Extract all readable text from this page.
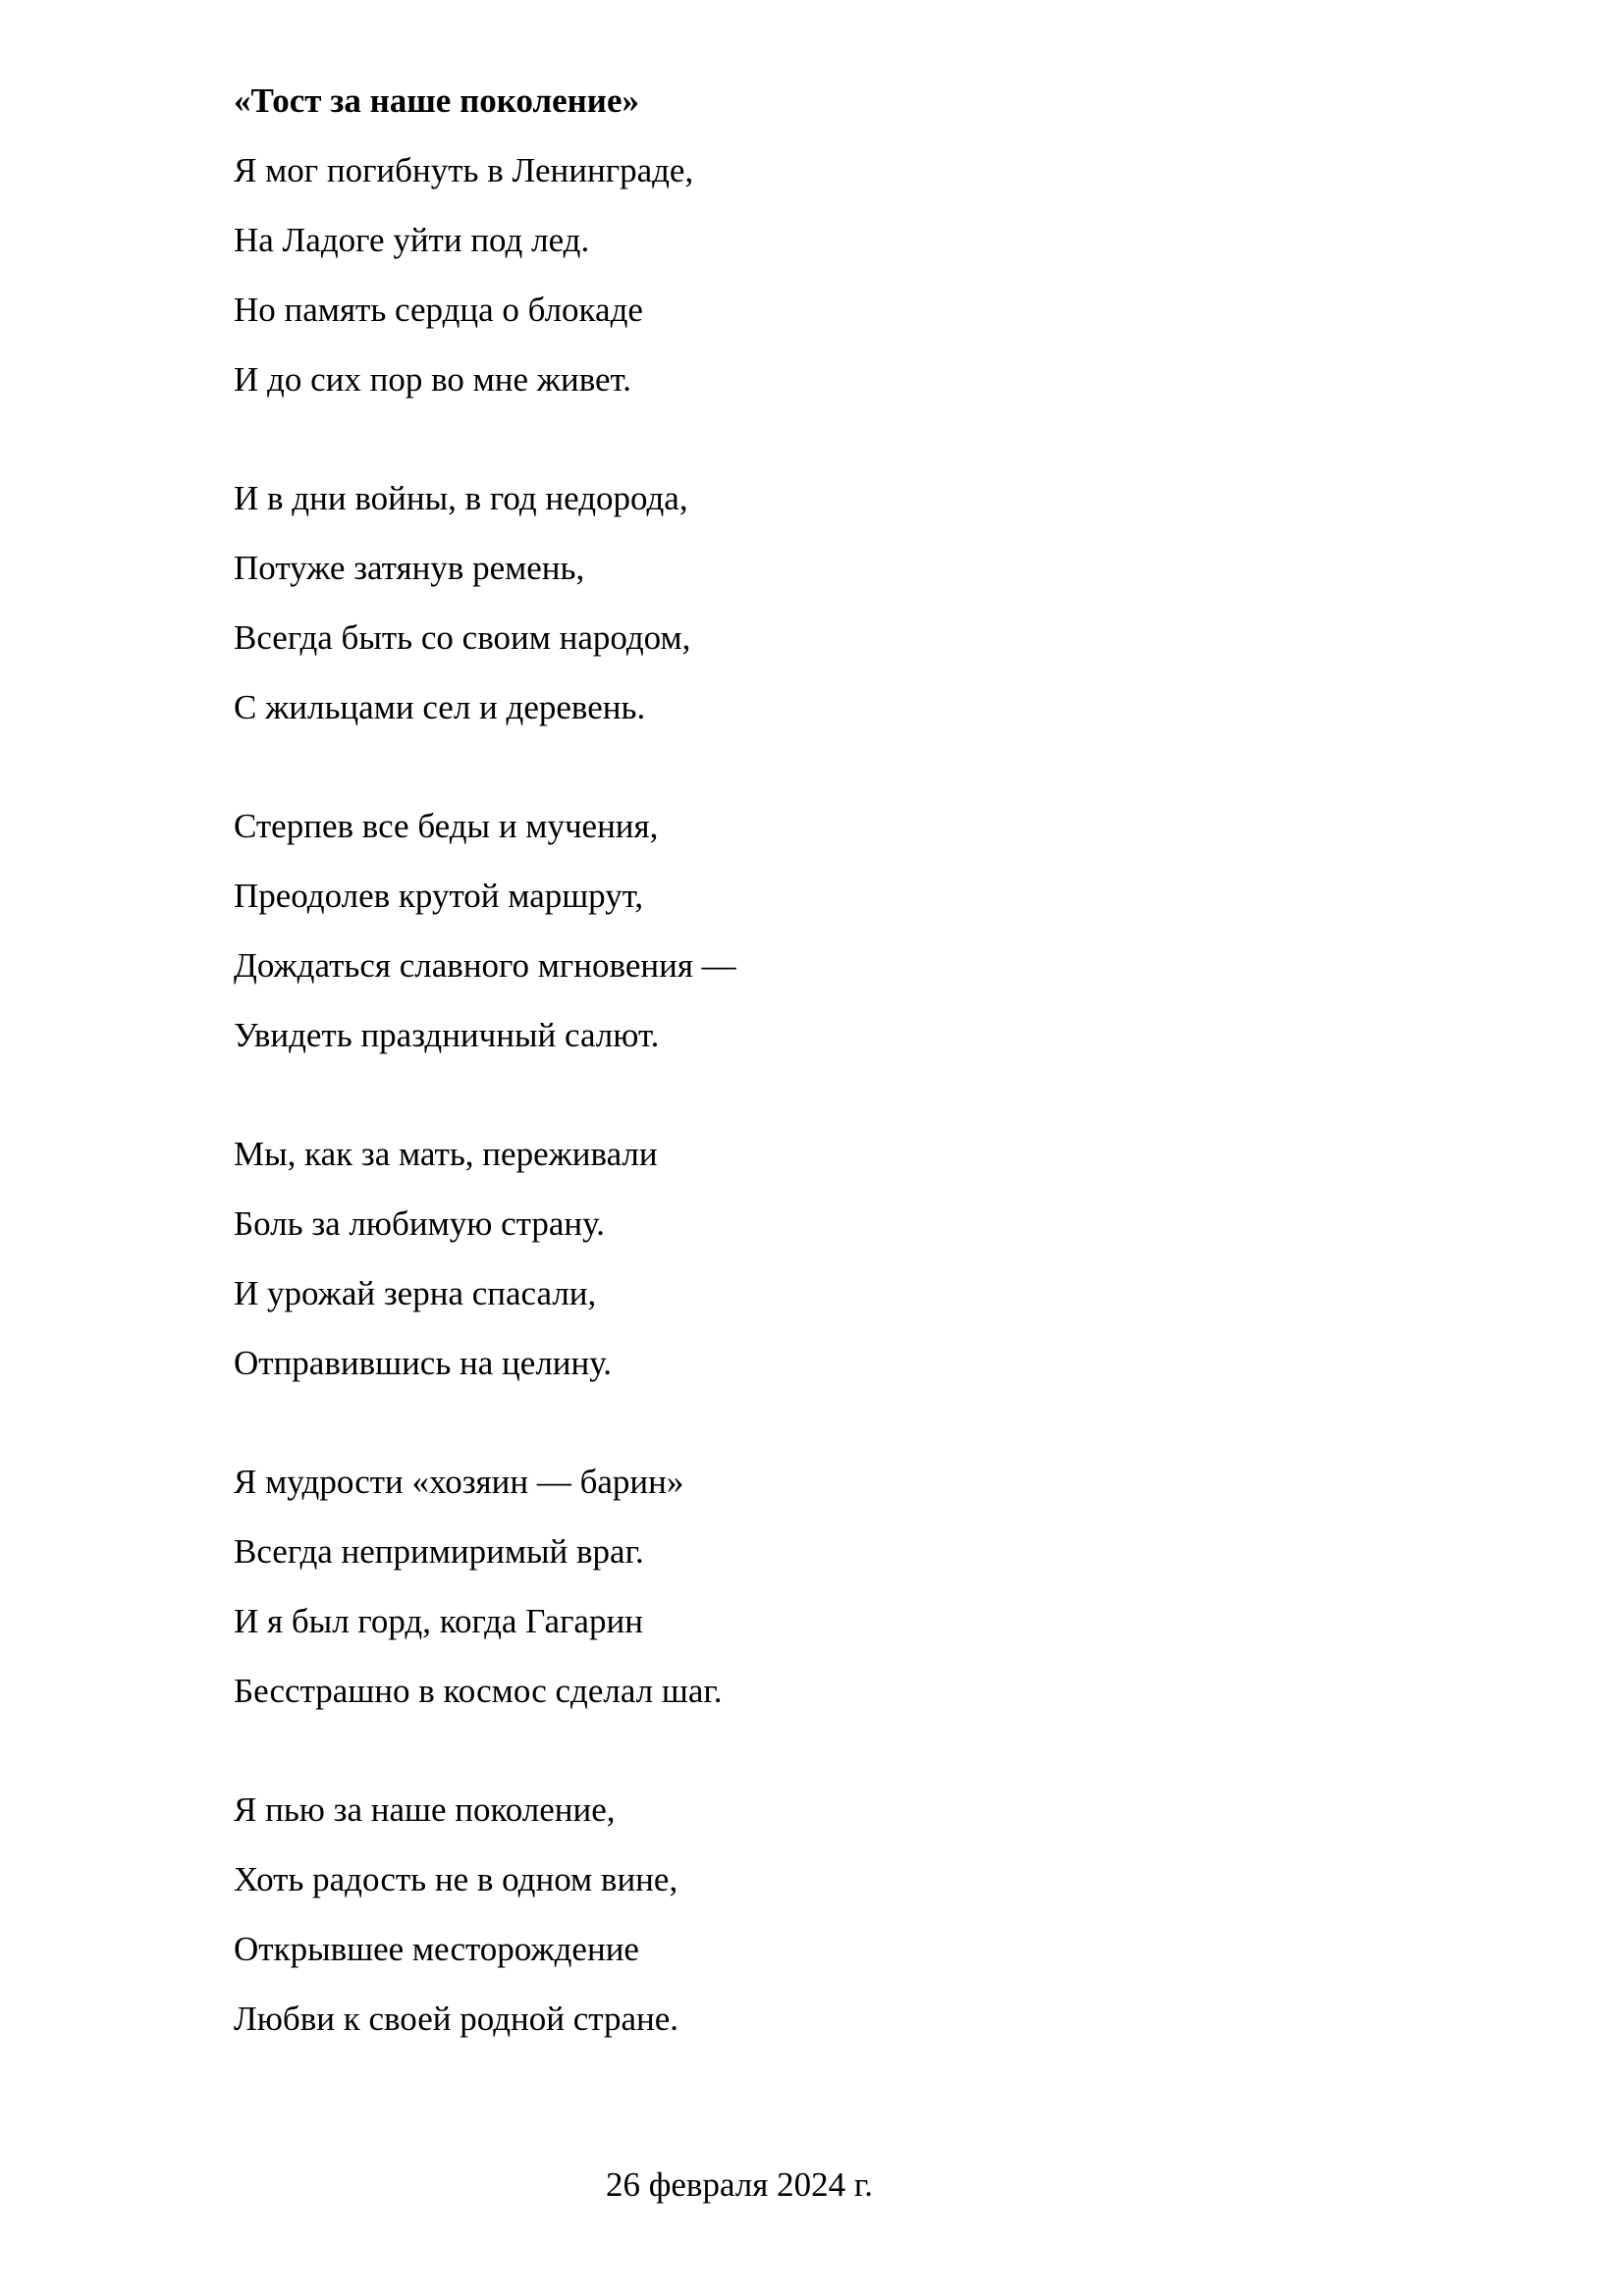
«Тост за наше поколение»
Я мог погибнуть в Ленинграде,
На Ладоге уйти под лед.
Но память сердца о блокаде
И до сих пор во мне живет.
И в дни войны, в год недорода,
Потуже затянув ремень,
Всегда быть со своим народом,
С жильцами сел и деревень.
Стерпев все беды и мучения,
Преодолев крутой маршрут,
Дождаться славного мгновения —
Увидеть праздничный салют.
Мы, как за мать, переживали
Боль за любимую страну.
И урожай зерна спасали,
Отправившись на целину.
Я мудрости «хозяин — барин»
Всегда непримиримый враг.
И я был горд, когда Гагарин
Бесстрашно в космос сделал шаг.
Я пью за наше поколение,
Хоть радость не в одном вине,
Открывшее месторождение
Любви к своей родной стране.
26 февраля 2024 г.
